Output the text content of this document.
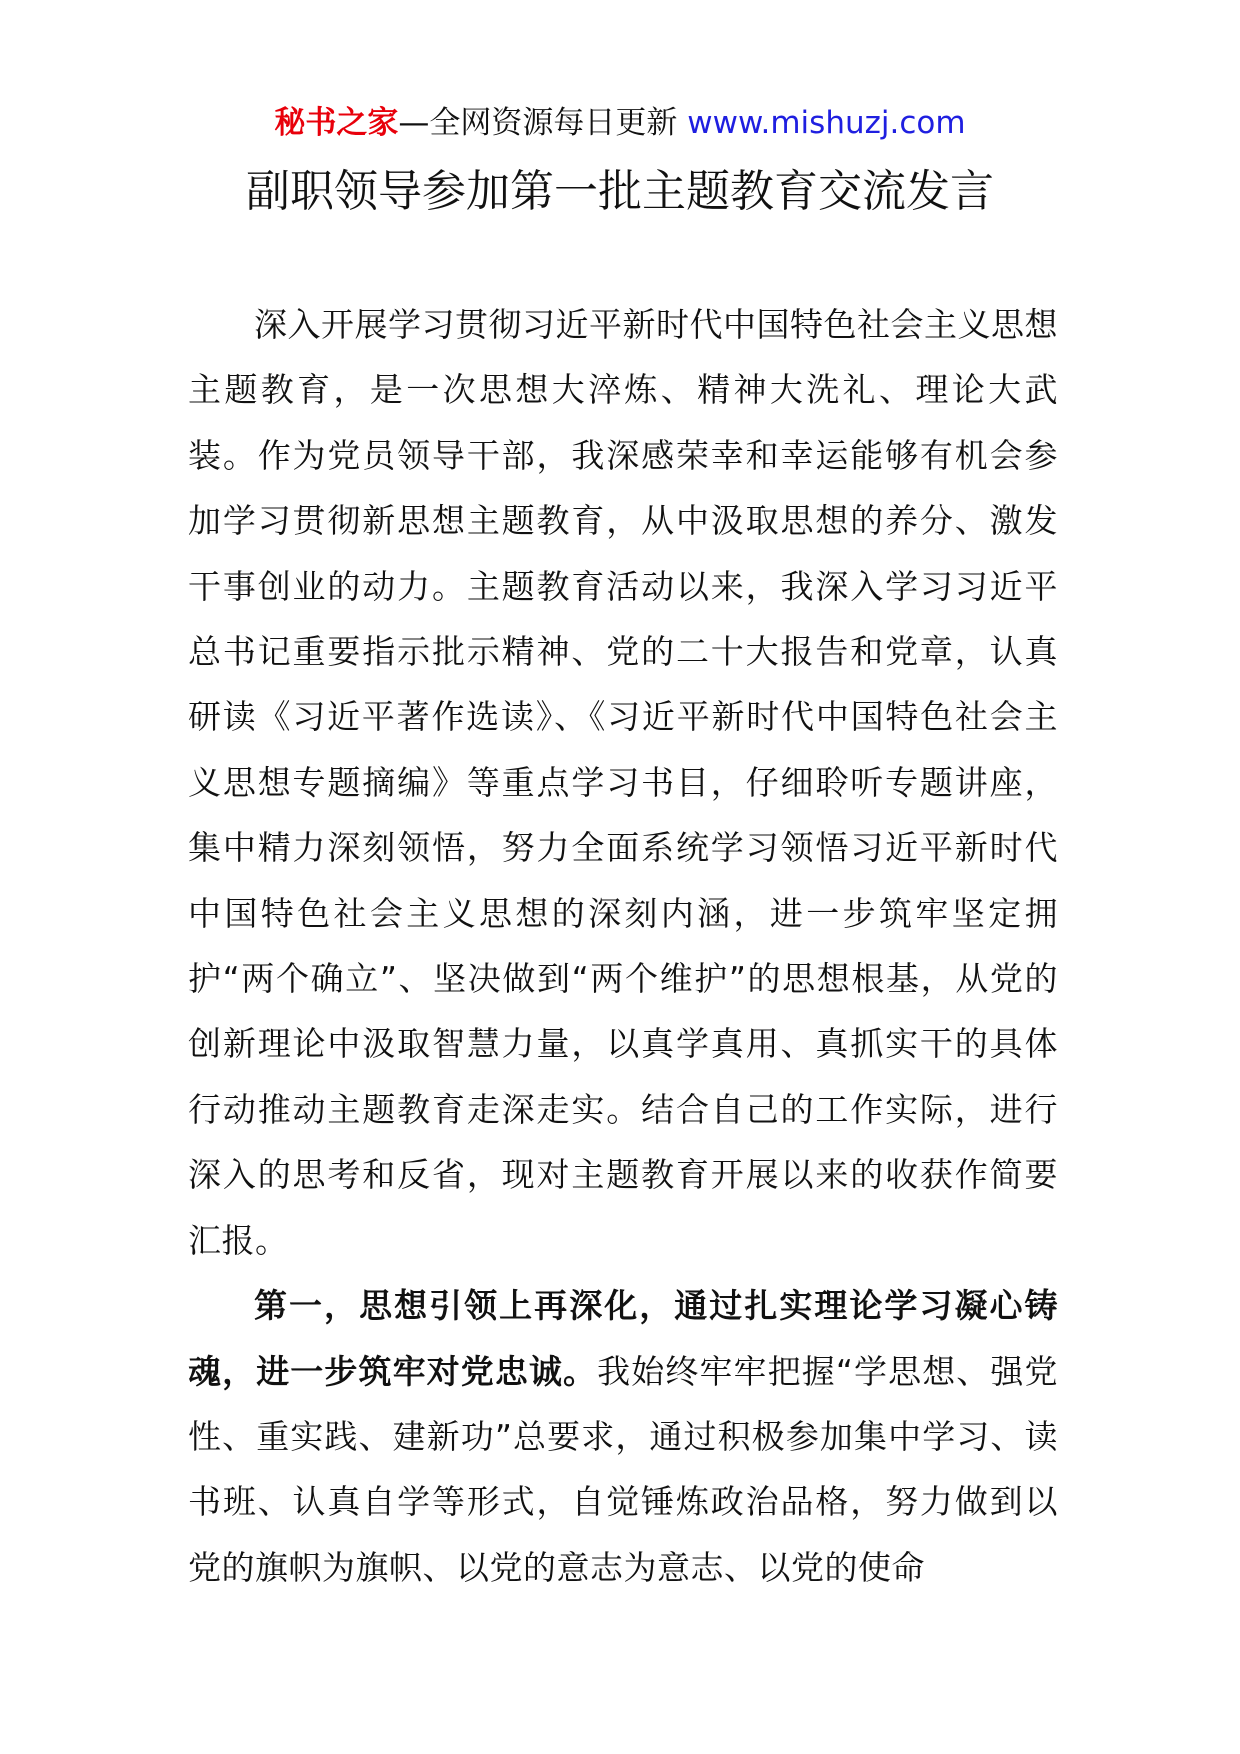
秘书之家—全网资源每日更新 www.mishuzj.com
副职领导参加第一批主题教育交流发言

深入开展学习贯彻习近平新时代中国特色社会主义思想主题教育，是一次思想大淬炼、精神大洗礼、理论大武装。作为党员领导干部，我深感荣幸和幸运能够有机会参加学习贯彻新思想主题教育，从中汲取思想的养分、激发干事创业的动力。主题教育活动以来，我深入学习习近平总书记重要指示批示精神、党的二十大报告和党章，认真研读《习近平著作选读》、《习近平新时代中国特色社会主义思想专题摘编》等重点学习书目，仔细聆听专题讲座，集中精力深刻领悟，努力全面系统学习领悟习近平新时代中国特色社会主义思想的深刻内涵，进一步筑牢坚定拥护“两个确立”、坚决做到“两个维护”的思想根基，从党的创新理论中汲取智慧力量，以真学真用、真抓实干的具体行动推动主题教育走深走实。结合自己的工作实际，进行深入的思考和反省，现对主题教育开展以来的收获作简要汇报。

第一，思想引领上再深化，通过扎实理论学习凝心铸魂，进一步筑牢对党忠诚。我始终牢牢把握“学思想、强党性、重实践、建新功”总要求，通过积极参加集中学习、读书班、认真自学等形式，自觉锤炼政治品格，努力做到以党的旗帜为旗帜、以党的意志为意志、以党的使命
